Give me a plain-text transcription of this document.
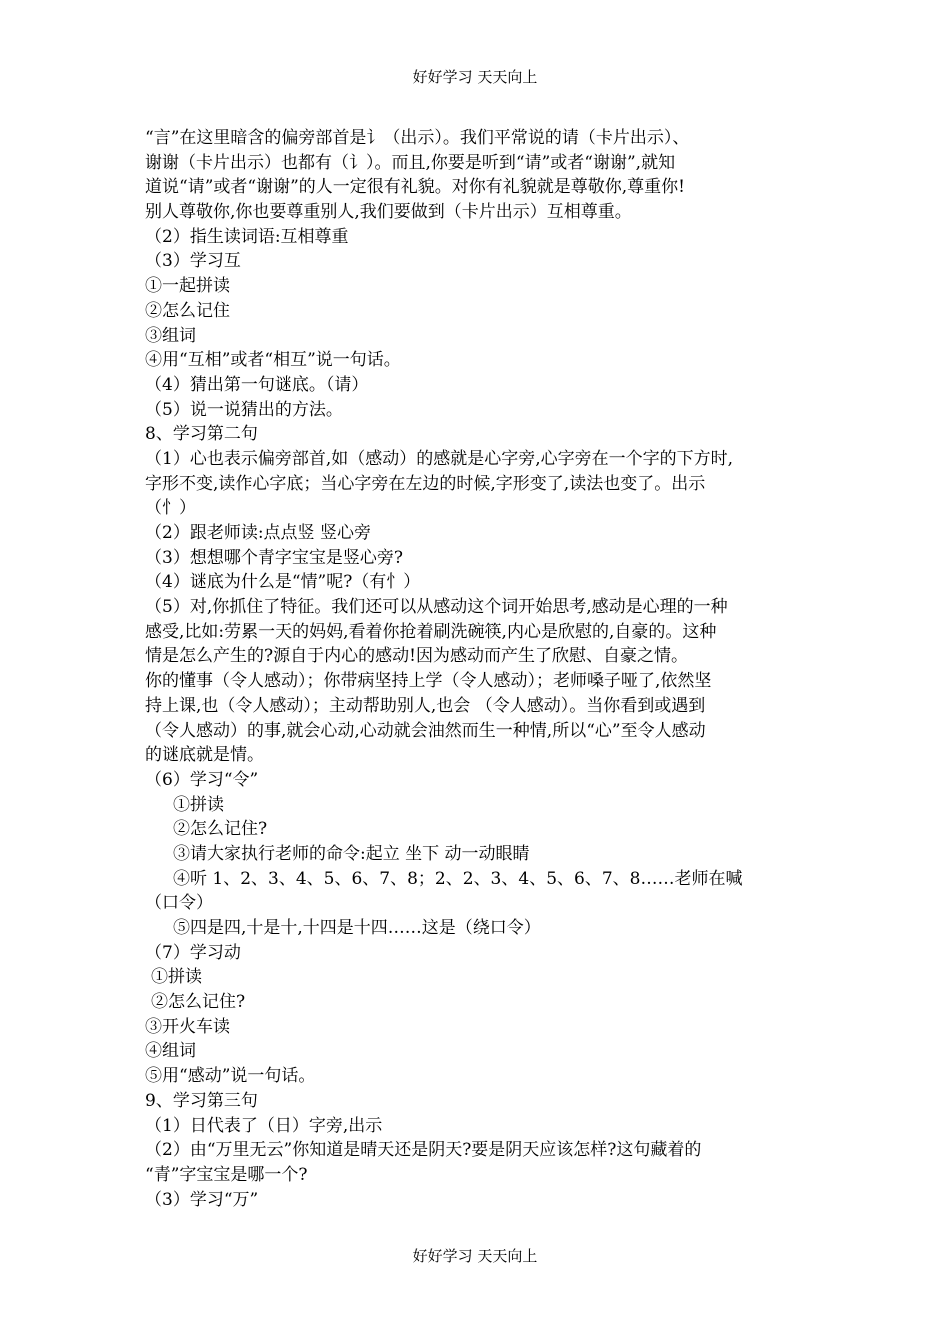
好好学习 天天向上
“言”在这里暗含的偏旁部首是讠（出示）。我们平常说的请（卡片出示）、
谢谢（卡片出示）也都有（讠）。而且,你要是听到“请”或者“谢谢”,就知
道说“请”或者“谢谢”的人一定很有礼貌。对你有礼貌就是尊敬你,尊重你!
别人尊敬你,你也要尊重别人,我们要做到（卡片出示）互相尊重。
（2）指生读词语:互相尊重
（3）学习互
①一起拼读
②怎么记住
③组词
④用“互相”或者“相互”说一句话。
（4）猜出第一句谜底。（请）
（5）说一说猜出的方法。
8、学习第二句
（1）心也表示偏旁部首,如（感动）的感就是心字旁,心字旁在一个字的下方时,
字形不变,读作心字底；当心字旁在左边的时候,字形变了,读法也变了。出示
（忄）
（2）跟老师读:点点竖 竖心旁
（3）想想哪个青字宝宝是竖心旁?
（4）谜底为什么是“情”呢?（有忄）
（5）对,你抓住了特征。我们还可以从感动这个词开始思考,感动是心理的一种
感受,比如:劳累一天的妈妈,看着你抢着刷洗碗筷,内心是欣慰的,自豪的。这种
情是怎么产生的?源自于内心的感动!因为感动而产生了欣慰、自豪之情。
你的懂事（令人感动）；你带病坚持上学（令人感动）；老师嗓子哑了,依然坚
持上课,也（令人感动）；主动帮助别人,也会 （令人感动）。当你看到或遇到
（令人感动）的事,就会心动,心动就会油然而生一种情,所以“心”至令人感动
的谜底就是情。
（6）学习“令”
①拼读
②怎么记住?
③请大家执行老师的命令:起立 坐下 动一动眼睛
④听 1、2、3、4、5、6、7、8；2、2、3、4、5、6、7、8……老师在喊
（口令）
⑤四是四,十是十,十四是十四……这是（绕口令）
（7）学习动
①拼读
②怎么记住?
③开火车读
④组词
⑤用“感动”说一句话。
9、学习第三句
（1）日代表了（日）字旁,出示
（2）由“万里无云”你知道是晴天还是阴天?要是阴天应该怎样?这句藏着的
“青”字宝宝是哪一个?
（3）学习“万”
好好学习 天天向上
